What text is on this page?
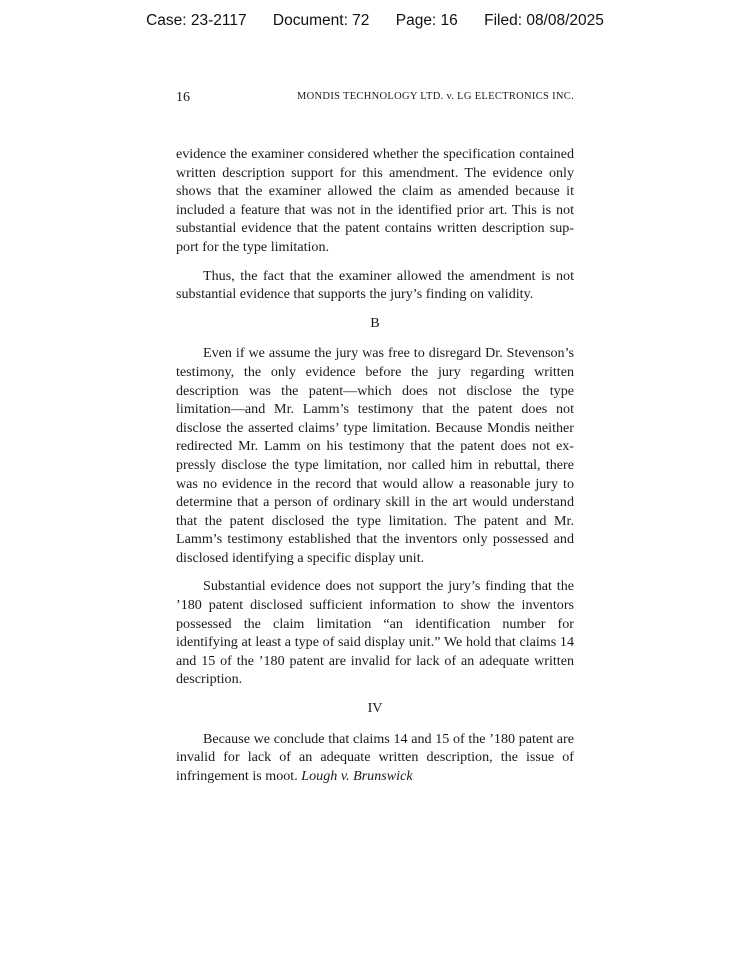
Case: 23-2117 Document: 72 Page: 16 Filed: 08/08/2025
16	MONDIS TECHNOLOGY LTD. v. LG ELECTRONICS INC.

evidence the examiner considered whether the specification contained written description support for this amendment. The evidence only shows that the examiner allowed the claim as amended because it included a feature that was not in the identified prior art. This is not substantial evidence that the patent contains written description support for the type limitation.

Thus, the fact that the examiner allowed the amendment is not substantial evidence that supports the jury’s finding on validity.

B

Even if we assume the jury was free to disregard Dr. Stevenson’s testimony, the only evidence before the jury regarding written description was the patent—which does not disclose the type limitation—and Mr. Lamm’s testimony that the patent does not disclose the asserted claims’ type limitation. Because Mondis neither redirected Mr. Lamm on his testimony that the patent does not expressly disclose the type limitation, nor called him in rebuttal, there was no evidence in the record that would allow a reasonable jury to determine that a person of ordinary skill in the art would understand that the patent disclosed the type limitation. The patent and Mr. Lamm’s testimony established that the inventors only possessed and disclosed identifying a specific display unit.

Substantial evidence does not support the jury’s finding that the ’180 patent disclosed sufficient information to show the inventors possessed the claim limitation “an identification number for identifying at least a type of said display unit.” We hold that claims 14 and 15 of the ’180 patent are invalid for lack of an adequate written description.

IV

Because we conclude that claims 14 and 15 of the ’180 patent are invalid for lack of an adequate written description, the issue of infringement is moot. Lough v. Brunswick
